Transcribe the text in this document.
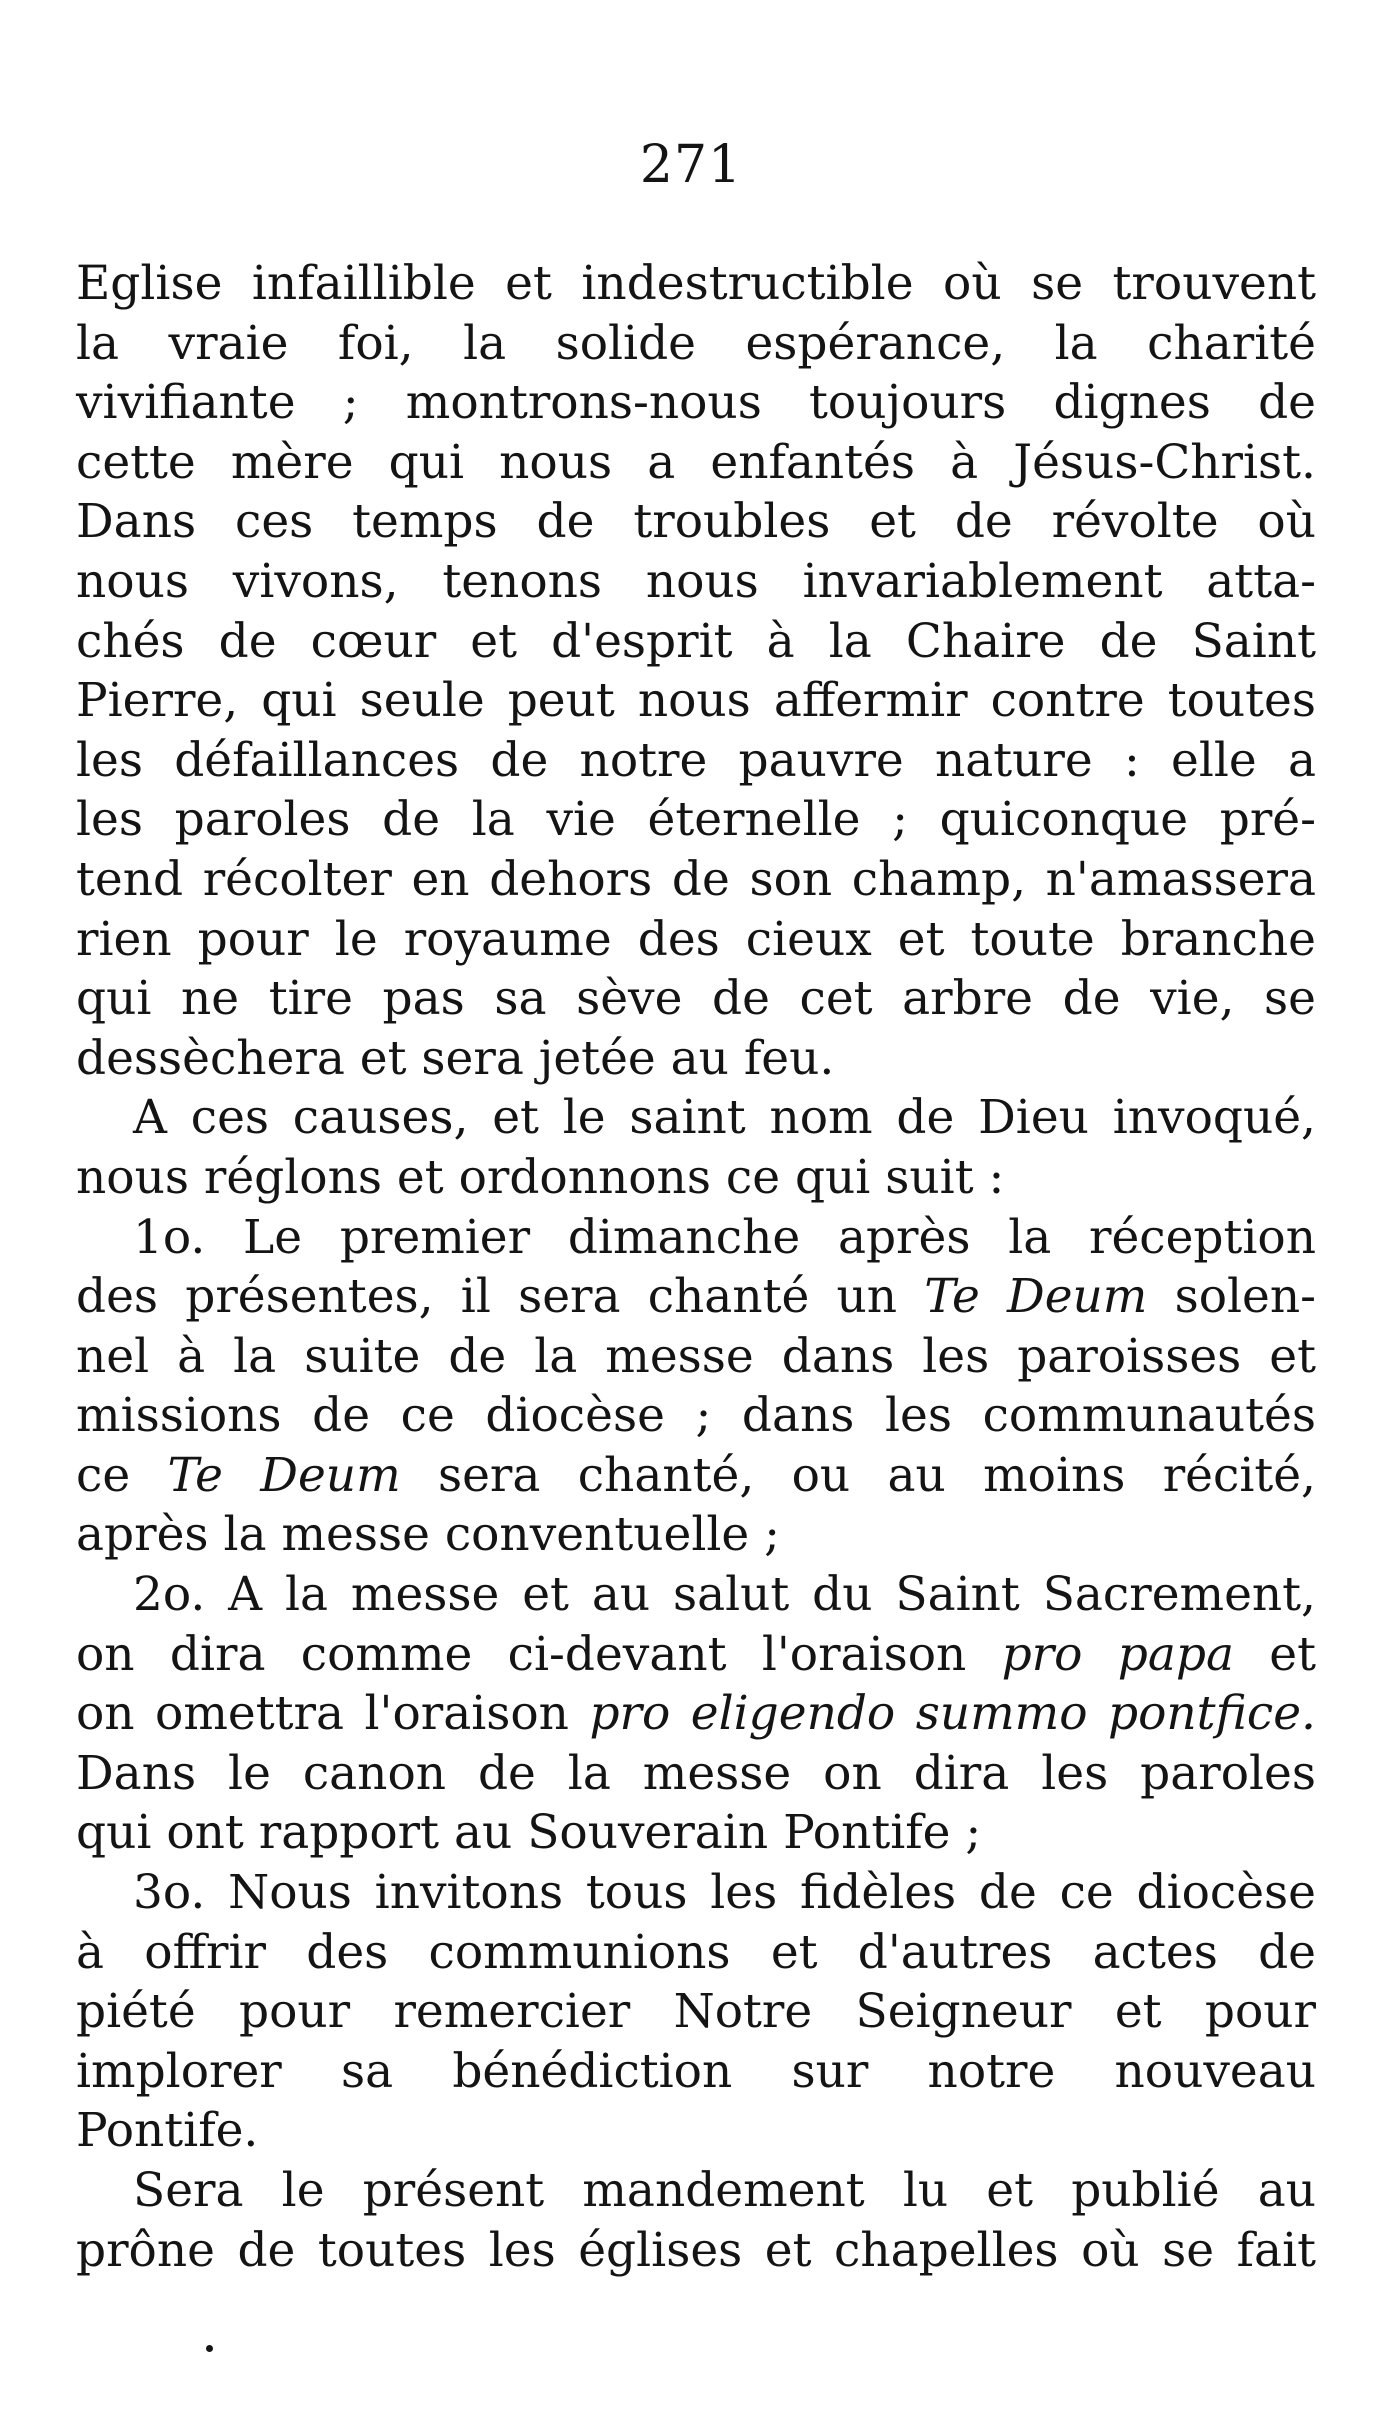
271
Eglise infaillible et indestructible où se trouvent
la vraie foi, la solide espérance, la charité
vivifiante ; montrons-nous toujours dignes de
cette mère qui nous a enfantés à Jésus-Christ.
Dans ces temps de troubles et de révolte où
nous vivons, tenons nous invariablement atta-
chés de cœur et d'esprit à la Chaire de Saint
Pierre, qui seule peut nous affermir contre toutes
les défaillances de notre pauvre nature : elle a
les paroles de la vie éternelle ; quiconque pré-
tend récolter en dehors de son champ, n'amassera
rien pour le royaume des cieux et toute branche
qui ne tire pas sa sève de cet arbre de vie, se
dessèchera et sera jetée au feu.
A ces causes, et le saint nom de Dieu invoqué,
nous réglons et ordonnons ce qui suit :
1o. Le premier dimanche après la réception
des présentes, il sera chanté un Te Deum solen-
nel à la suite de la messe dans les paroisses et
missions de ce diocèse ; dans les communautés
ce Te Deum sera chanté, ou au moins récité,
après la messe conventuelle ;
2o. A la messe et au salut du Saint Sacrement,
on dira comme ci-devant l'oraison pro papa et
on omettra l'oraison pro eligendo summo pontfice.
Dans le canon de la messe on dira les paroles
qui ont rapport au Souverain Pontife ;
3o. Nous invitons tous les fidèles de ce diocèse
à offrir des communions et d'autres actes de
piété pour remercier Notre Seigneur et pour
implorer sa bénédiction sur notre nouveau
Pontife.
Sera le présent mandement lu et publié au
prône de toutes les églises et chapelles où se fait
